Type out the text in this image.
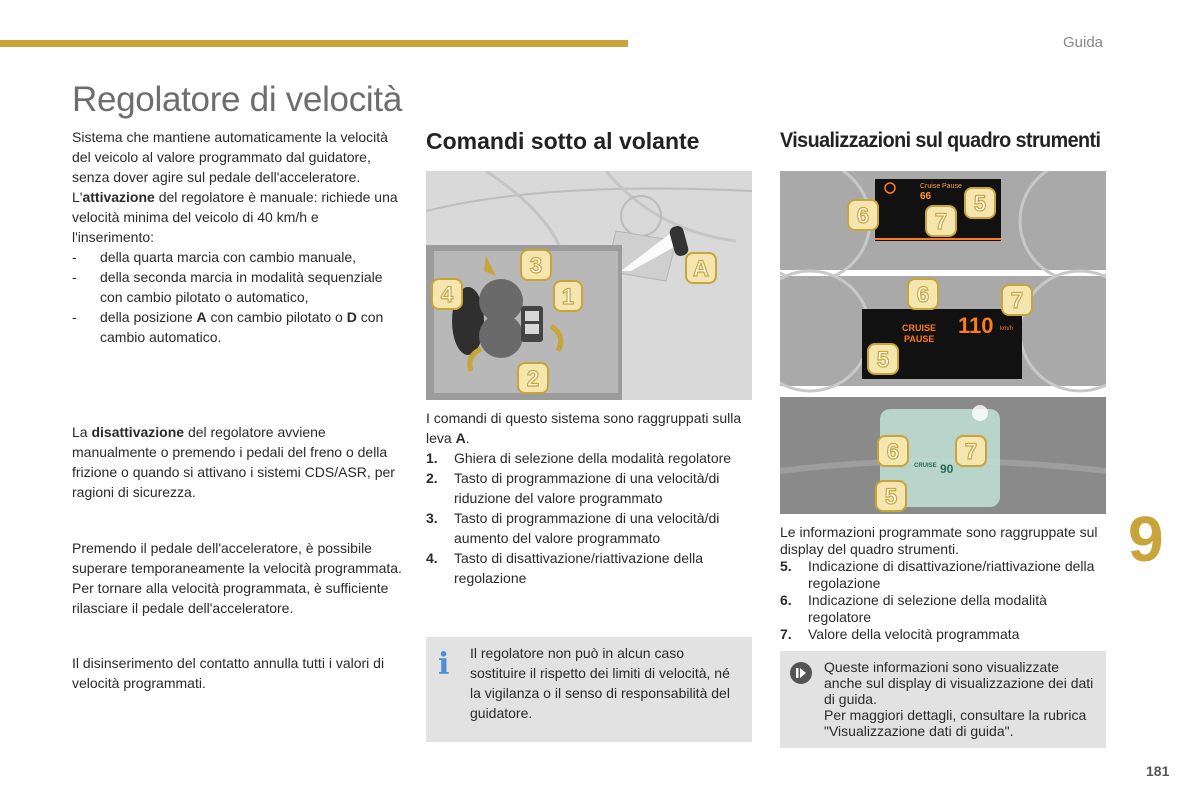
Guida
Regolatore di velocità

Sistema che mantiene automaticamente la velocità del veicolo al valore programmato dal guidatore, senza dover agire sul pedale dell'acceleratore.

L'attivazione del regolatore è manuale: richiede una velocità minima del veicolo di 40 km/h e l'inserimento:

- della quarta marcia con cambio manuale,
- della seconda marcia in modalità sequenziale con cambio pilotato o automatico,
- della posizione A con cambio pilotato o D con cambio automatico.

La disattivazione del regolatore avviene manualmente o premendo i pedali del freno o della frizione o quando si attivano i sistemi CDS/ASR, per ragioni di sicurezza.

Premendo il pedale dell'acceleratore, è possibile superare temporaneamente la velocità programmata.

Per tornare alla velocità programmata, è sufficiente rilasciare il pedale dell'acceleratore.

Il disinserimento del contatto annulla tutti i valori di velocità programmati.

Comandi sotto al volante
A
1
2
3
4

I comandi di questo sistema sono raggruppati sulla leva A.

1.	Ghiera di selezione della modalità regolatore
2.	Tasto di programmazione di una velocità/di riduzione del valore programmato
3.	Tasto di programmazione di una velocità/di aumento del valore programmato
4.	Tasto di disattivazione/riattivazione della regolazione
i Il regolatore non può in alcun caso sostituire il rispetto dei limiti di velocità, né la vigilanza o il senso di responsabilità del guidatore.

Visualizzazioni sul quadro strumenti
Cruise Pause
66
CRUISE
PAUSE
110 km/h
CRUISE 90
5
6	7
6	7
5
6	7
5

Le informazioni programmate sono raggruppate sul display del quadro strumenti.

5.	Indicazione di disattivazione/riattivazione della regolazione
6.	Indicazione di selezione della modalità regolatore
7.	Valore della velocità programmata

Queste informazioni sono visualizzate anche sul display di visualizzazione dei dati di guida.

Per maggiori dettagli, consultare la rubrica "Visualizzazione dati di guida".

9
181
